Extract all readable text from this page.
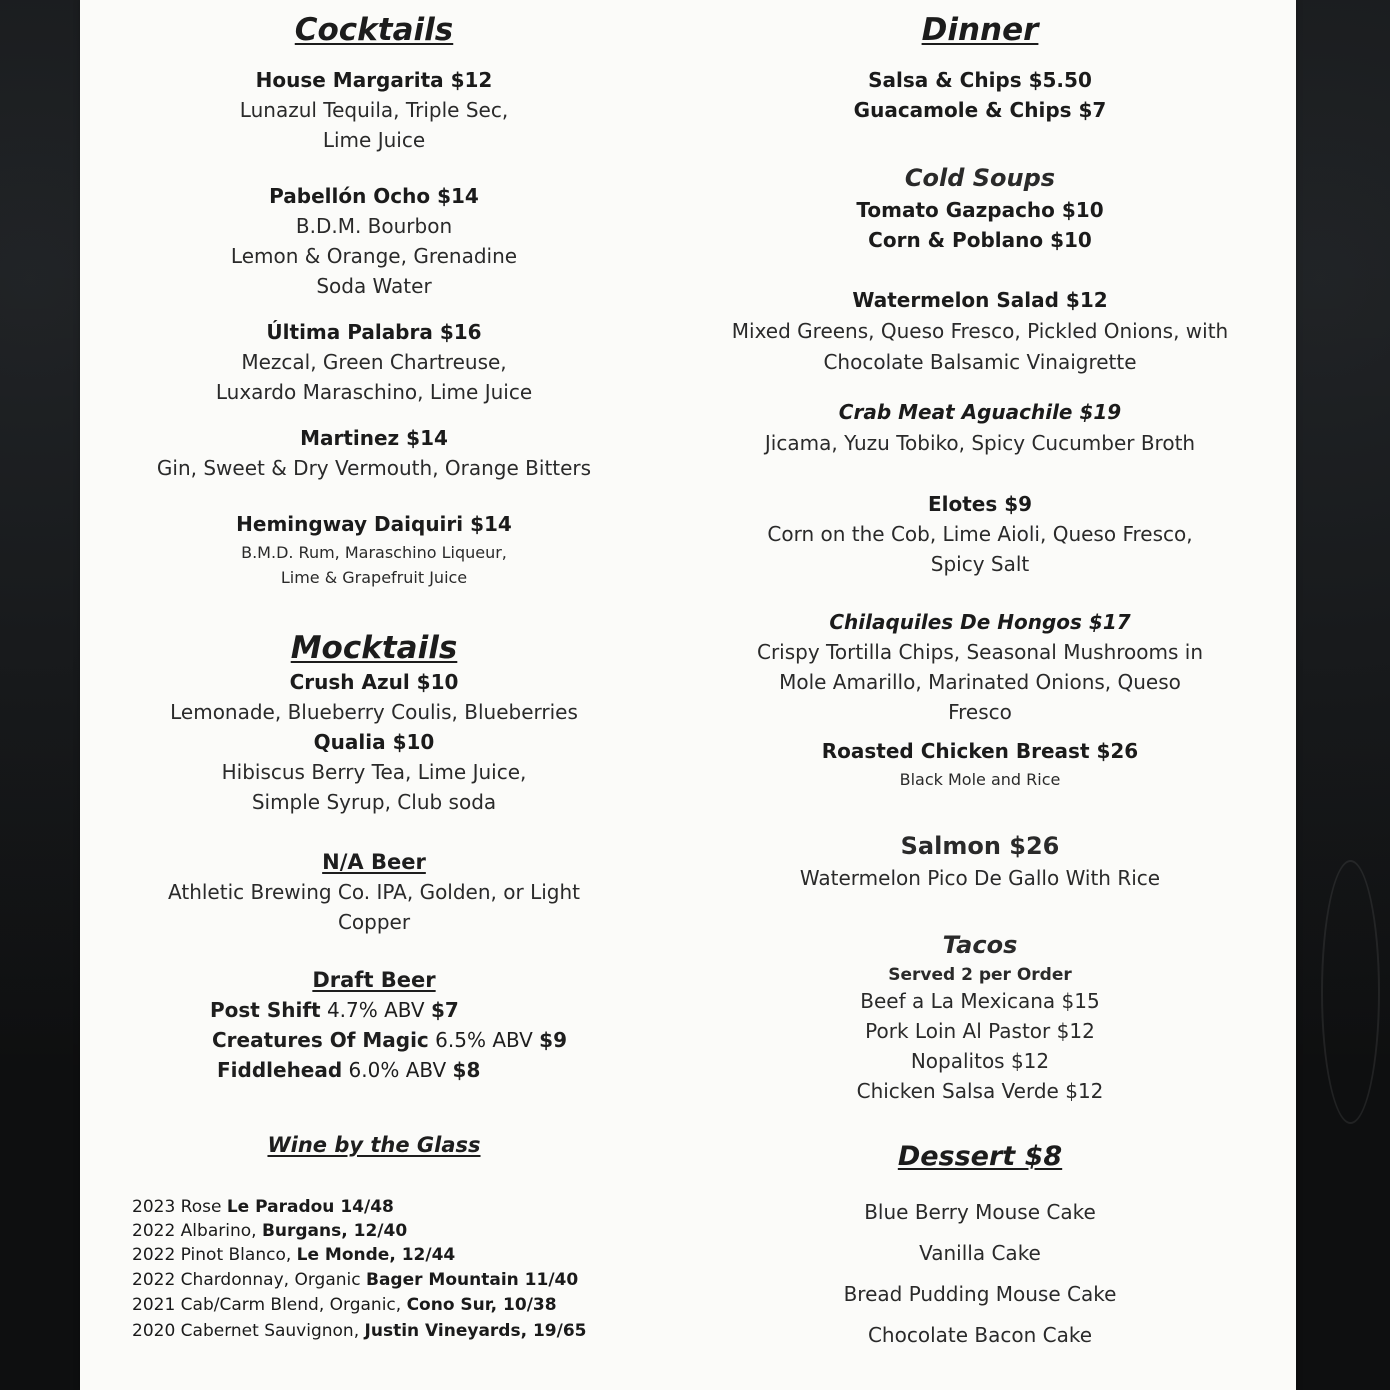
Cocktails
House Margarita $12
Lunazul Tequila, Triple Sec,
Lime Juice
Pabellón Ocho $14
B.D.M. Bourbon
Lemon & Orange, Grenadine
Soda Water
Última Palabra $16
Mezcal, Green Chartreuse,
Luxardo Maraschino, Lime Juice
Martinez $14
Gin, Sweet & Dry Vermouth, Orange Bitters
Hemingway Daiquiri $14
B.M.D. Rum, Maraschino Liqueur,
Lime & Grapefruit Juice
Mocktails
Crush Azul $10
Lemonade, Blueberry Coulis, Blueberries
Qualia $10
Hibiscus Berry Tea, Lime Juice,
Simple Syrup, Club soda
N/A Beer
Athletic Brewing Co. IPA, Golden, or Light
Copper
Draft Beer
Post Shift 4.7% ABV $7
Creatures Of Magic 6.5% ABV $9
Fiddlehead 6.0% ABV $8
Wine by the Glass
2023 Rose Le Paradou 14/48
2022 Albarino, Burgans, 12/40
2022 Pinot Blanco, Le Monde, 12/44
2022 Chardonnay, Organic Bager Mountain 11/40
2021 Cab/Carm Blend, Organic, Cono Sur, 10/38
2020 Cabernet Sauvignon, Justin Vineyards, 19/65
Dinner
Salsa & Chips $5.50
Guacamole & Chips $7
Cold Soups
Tomato Gazpacho $10
Corn & Poblano $10
Watermelon Salad $12
Mixed Greens, Queso Fresco, Pickled Onions, with
Chocolate Balsamic Vinaigrette
Crab Meat Aguachile $19
Jicama, Yuzu Tobiko, Spicy Cucumber Broth
Elotes $9
Corn on the Cob, Lime Aioli, Queso Fresco,
Spicy Salt
Chilaquiles De Hongos $17
Crispy Tortilla Chips, Seasonal Mushrooms in
Mole Amarillo, Marinated Onions, Queso
Fresco
Roasted Chicken Breast $26
Black Mole and Rice
Salmon $26
Watermelon Pico De Gallo With Rice
Tacos
Served 2 per Order
Beef a La Mexicana $15
Pork Loin Al Pastor $12
Nopalitos $12
Chicken Salsa Verde $12
Dessert $8
Blue Berry Mouse Cake
Vanilla Cake
Bread Pudding Mouse Cake
Chocolate Bacon Cake
